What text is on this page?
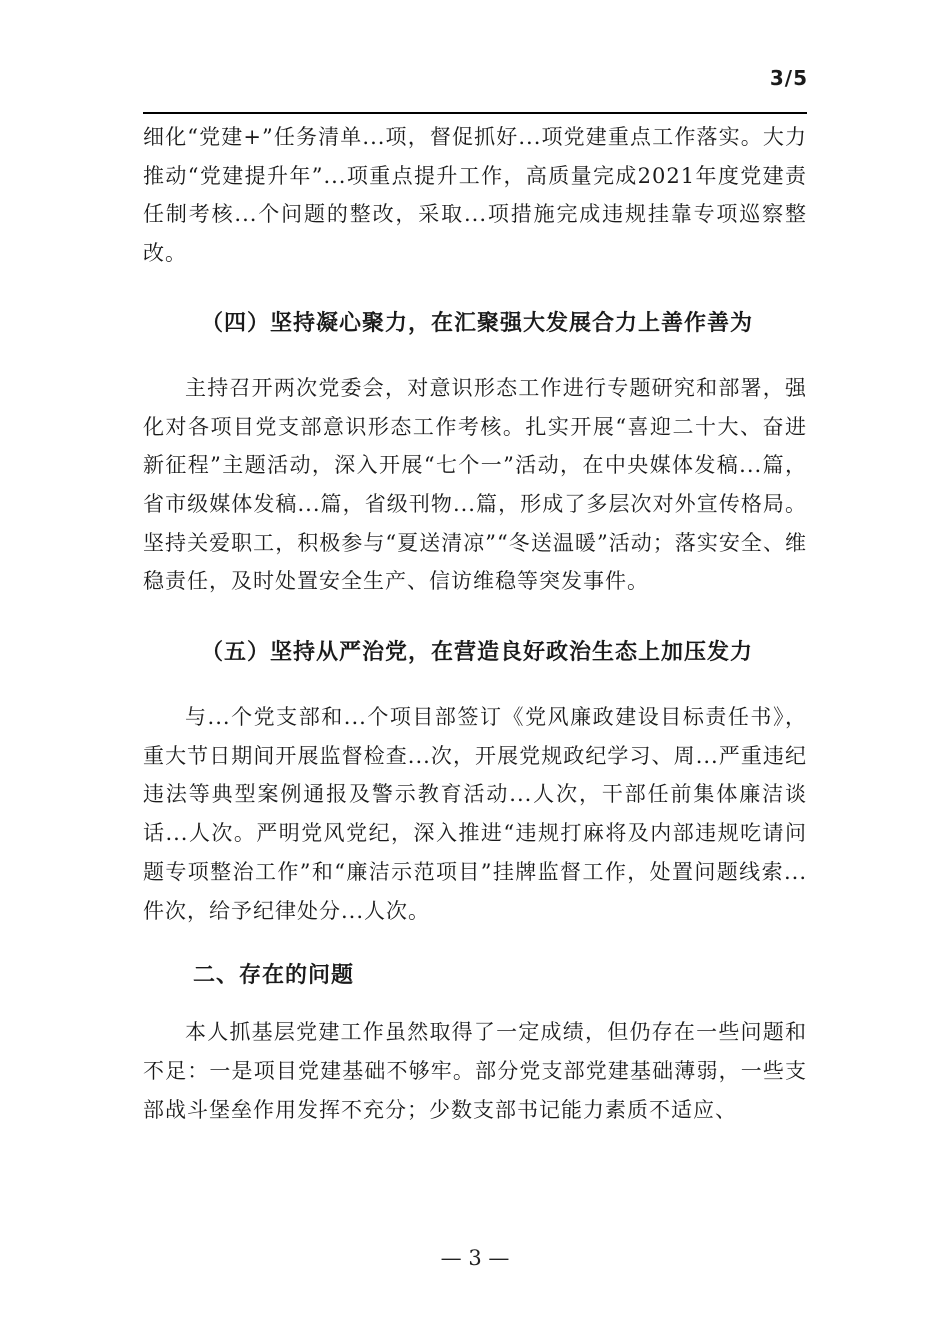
3/5

细化“党建+”任务清单...项，督促抓好...项党建重点工作落实。大力推动“党建提升年”...项重点提升工作，高质量完成2021年度党建责任制考核...个问题的整改，采取...项措施完成违规挂靠专项巡察整改。

（四）坚持凝心聚力，在汇聚强大发展合力上善作善为

主持召开两次党委会，对意识形态工作进行专题研究和部署，强化对各项目党支部意识形态工作考核。扎实开展“喜迎二十大、奋进新征程”主题活动，深入开展“七个一”活动，在中央媒体发稿...篇，省市级媒体发稿...篇，省级刊物...篇，形成了多层次对外宣传格局。坚持关爱职工，积极参与“夏送清凉”“冬送温暖”活动；落实安全、维稳责任，及时处置安全生产、信访维稳等突发事件。

（五）坚持从严治党，在营造良好政治生态上加压发力

与...个党支部和...个项目部签订《党风廉政建设目标责任书》，重大节日期间开展监督检查...次，开展党规政纪学习、周...严重违纪违法等典型案例通报及警示教育活动...人次，干部任前集体廉洁谈话...人次。严明党风党纪，深入推进“违规打麻将及内部违规吃请问题专项整治工作”和“廉洁示范项目”挂牌监督工作，处置问题线索...件次，给予纪律处分...人次。

二、存在的问题

本人抓基层党建工作虽然取得了一定成绩，但仍存在一些问题和不足：一是项目党建基础不够牢。部分党支部党建基础薄弱，一些支部战斗堡垒作用发挥不充分；少数支部书记能力素质不适应、

— 3 —
